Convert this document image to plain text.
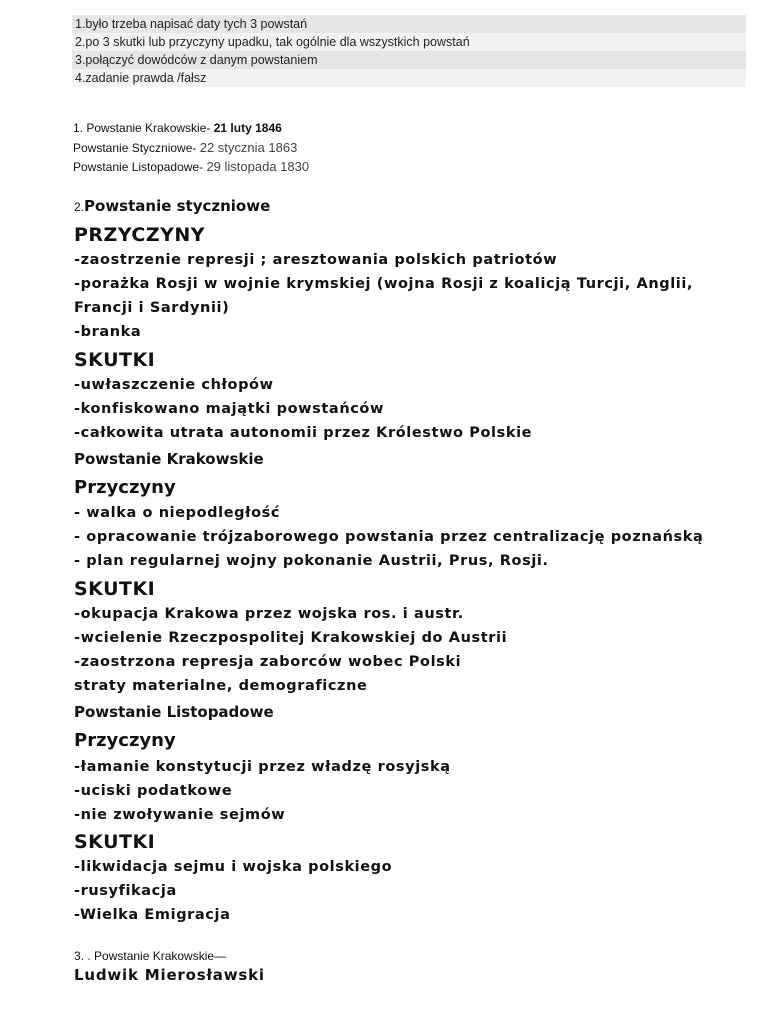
1.było trzeba napisać daty tych 3 powstań
2.po 3 skutki lub przyczyny upadku, tak ogólnie dla wszystkich powstań
3.połączyć dowódców z danym powstaniem
4.zadanie prawda /fałsz
1. Powstanie Krakowskie- 21 luty 1846
Powstanie Styczniowe- 22 stycznia 1863
Powstanie Listopadowe- 29 listopada 1830
2.Powstanie styczniowe
PRZYCZYNY
-zaostrzenie represji ; aresztowania polskich patriotów
-porażka Rosji w wojnie krymskiej (wojna Rosji z koalicją Turcji, Anglii,
Francji i Sardynii)
-branka
SKUTKI
-uwłaszczenie chłopów
-konfiskowano majątki powstańców
-całkowita utrata autonomii przez Królestwo Polskie
Powstanie Krakowskie
Przyczyny
- walka o niepodległość
- opracowanie trójzaborowego powstania przez centralizację poznańską
- plan regularnej wojny pokonanie Austrii, Prus, Rosji.
SKUTKI
-okupacja Krakowa przez wojska ros. i austr.
-wcielenie Rzeczpospolitej Krakowskiej do Austrii
-zaostrzona represja zaborców wobec Polski
straty materialne, demograficzne
Powstanie Listopadowe
Przyczyny
-łamanie konstytucji przez władzę rosyjską
-uciski podatkowe
-nie zwoływanie sejmów
SKUTKI
-likwidacja sejmu i wojska polskiego
-rusyfikacja
-Wielka Emigracja
3. . Powstanie Krakowskie—
Ludwik Mierosławski
